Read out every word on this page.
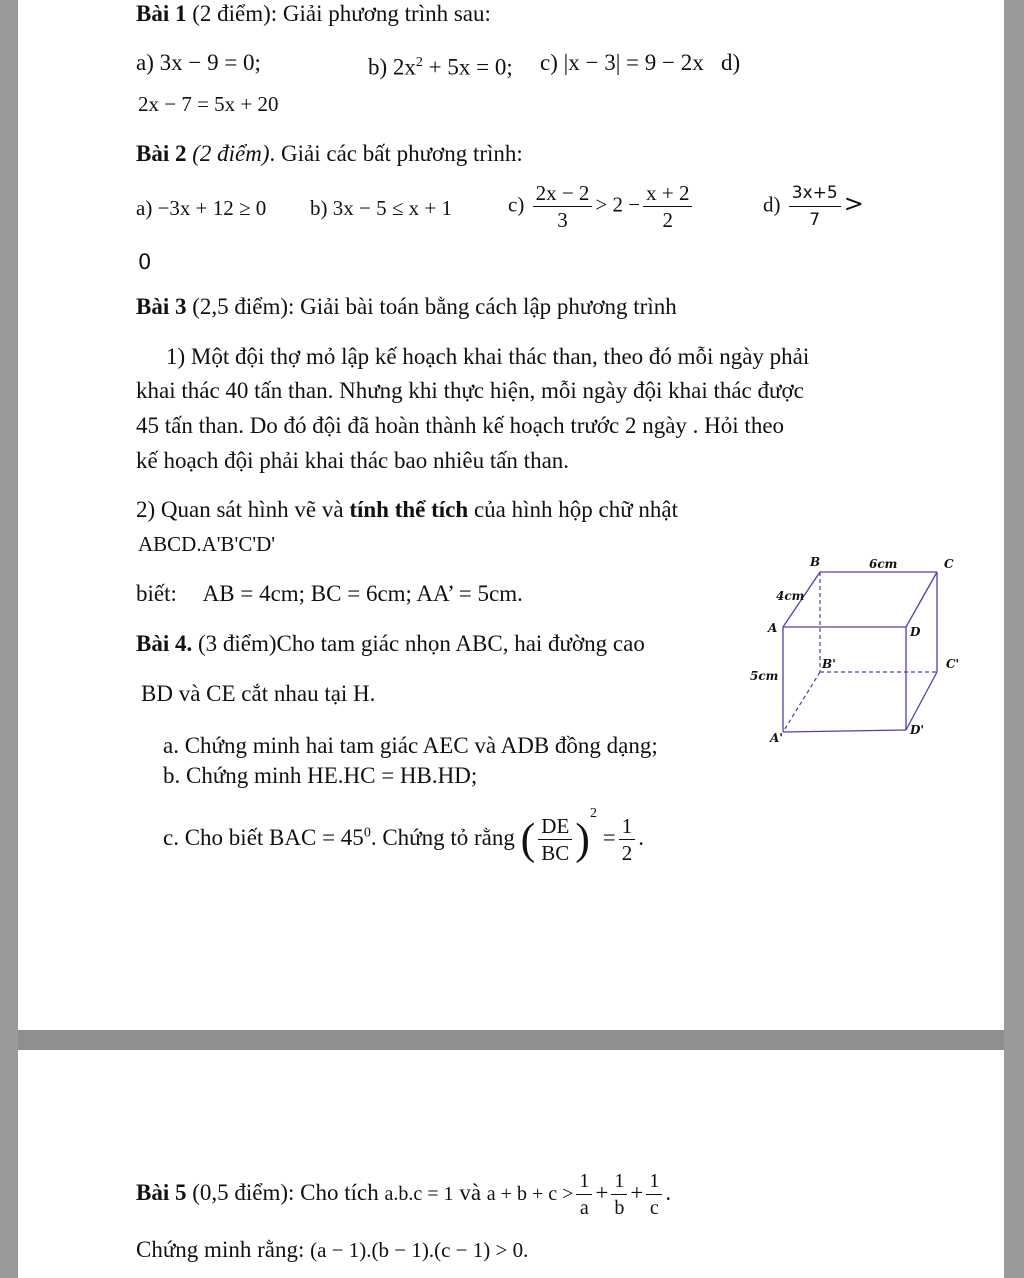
Bài 1 (2 điểm): Giải phương trình sau:
a) 3x − 9 = 0;	b) $2x^2 + 5x = 0$; c) |x − 3| = 9 − 2x d)
2x − 7 = 5x + 20
Bài 2 (2 điểm). Giải các bất phương trình:
a) −3x + 12 ≥ 0 b) 3x − 5 ≤ x + 1	$c) \frac{2x - 2}{3} > 2 - \frac{x + 2}{2}$	$d) \frac{3x+5}{7}$ >
0
Bài 3 (2,5 điểm): Giải bài toán bằng cách lập phương trình
1) Một đội thợ mỏ lập kế hoạch khai thác than, theo đó mỗi ngày phải
khai thác 40 tấn than. Nhưng khi thực hiện, mỗi ngày đội khai thác được
45 tấn than. Do đó đội đã hoàn thành kế hoạch trước 2 ngày . Hỏi theo
kế hoạch đội phải khai thác bao nhiêu tấn than.
2) Quan sát hình vẽ và tính thể tích của hình hộp chữ nhật
ABCD.A'B'C'D'
biết: AB = 4cm; BC = 6cm; AA’ = 5cm.
B	6cm	C
4cm
A	D
B'	C'
5cm
D'
A'
Bài 4. (3 điểm)Cho tam giác nhọn ABC, hai đường cao
BD và CE cắt nhau tại H.
a. Chứng minh hai tam giác AEC và ADB đồng dạng;
b. Chứng minh HE.HC = HB.HD;
c. Cho biết BAC = $45^0$. Chứng tỏ rằng ( $\frac{DE}{BC} )^2 = \frac{1}{2}$ .
Bài 5 (0,5 điểm): Cho tích a.b.c = 1 và $a + b + c > \frac{1}{a} + \frac{1}{b} + \frac{1}{c}$ .
Chứng minh rằng: (a − 1).(b − 1).(c − 1) > 0.
